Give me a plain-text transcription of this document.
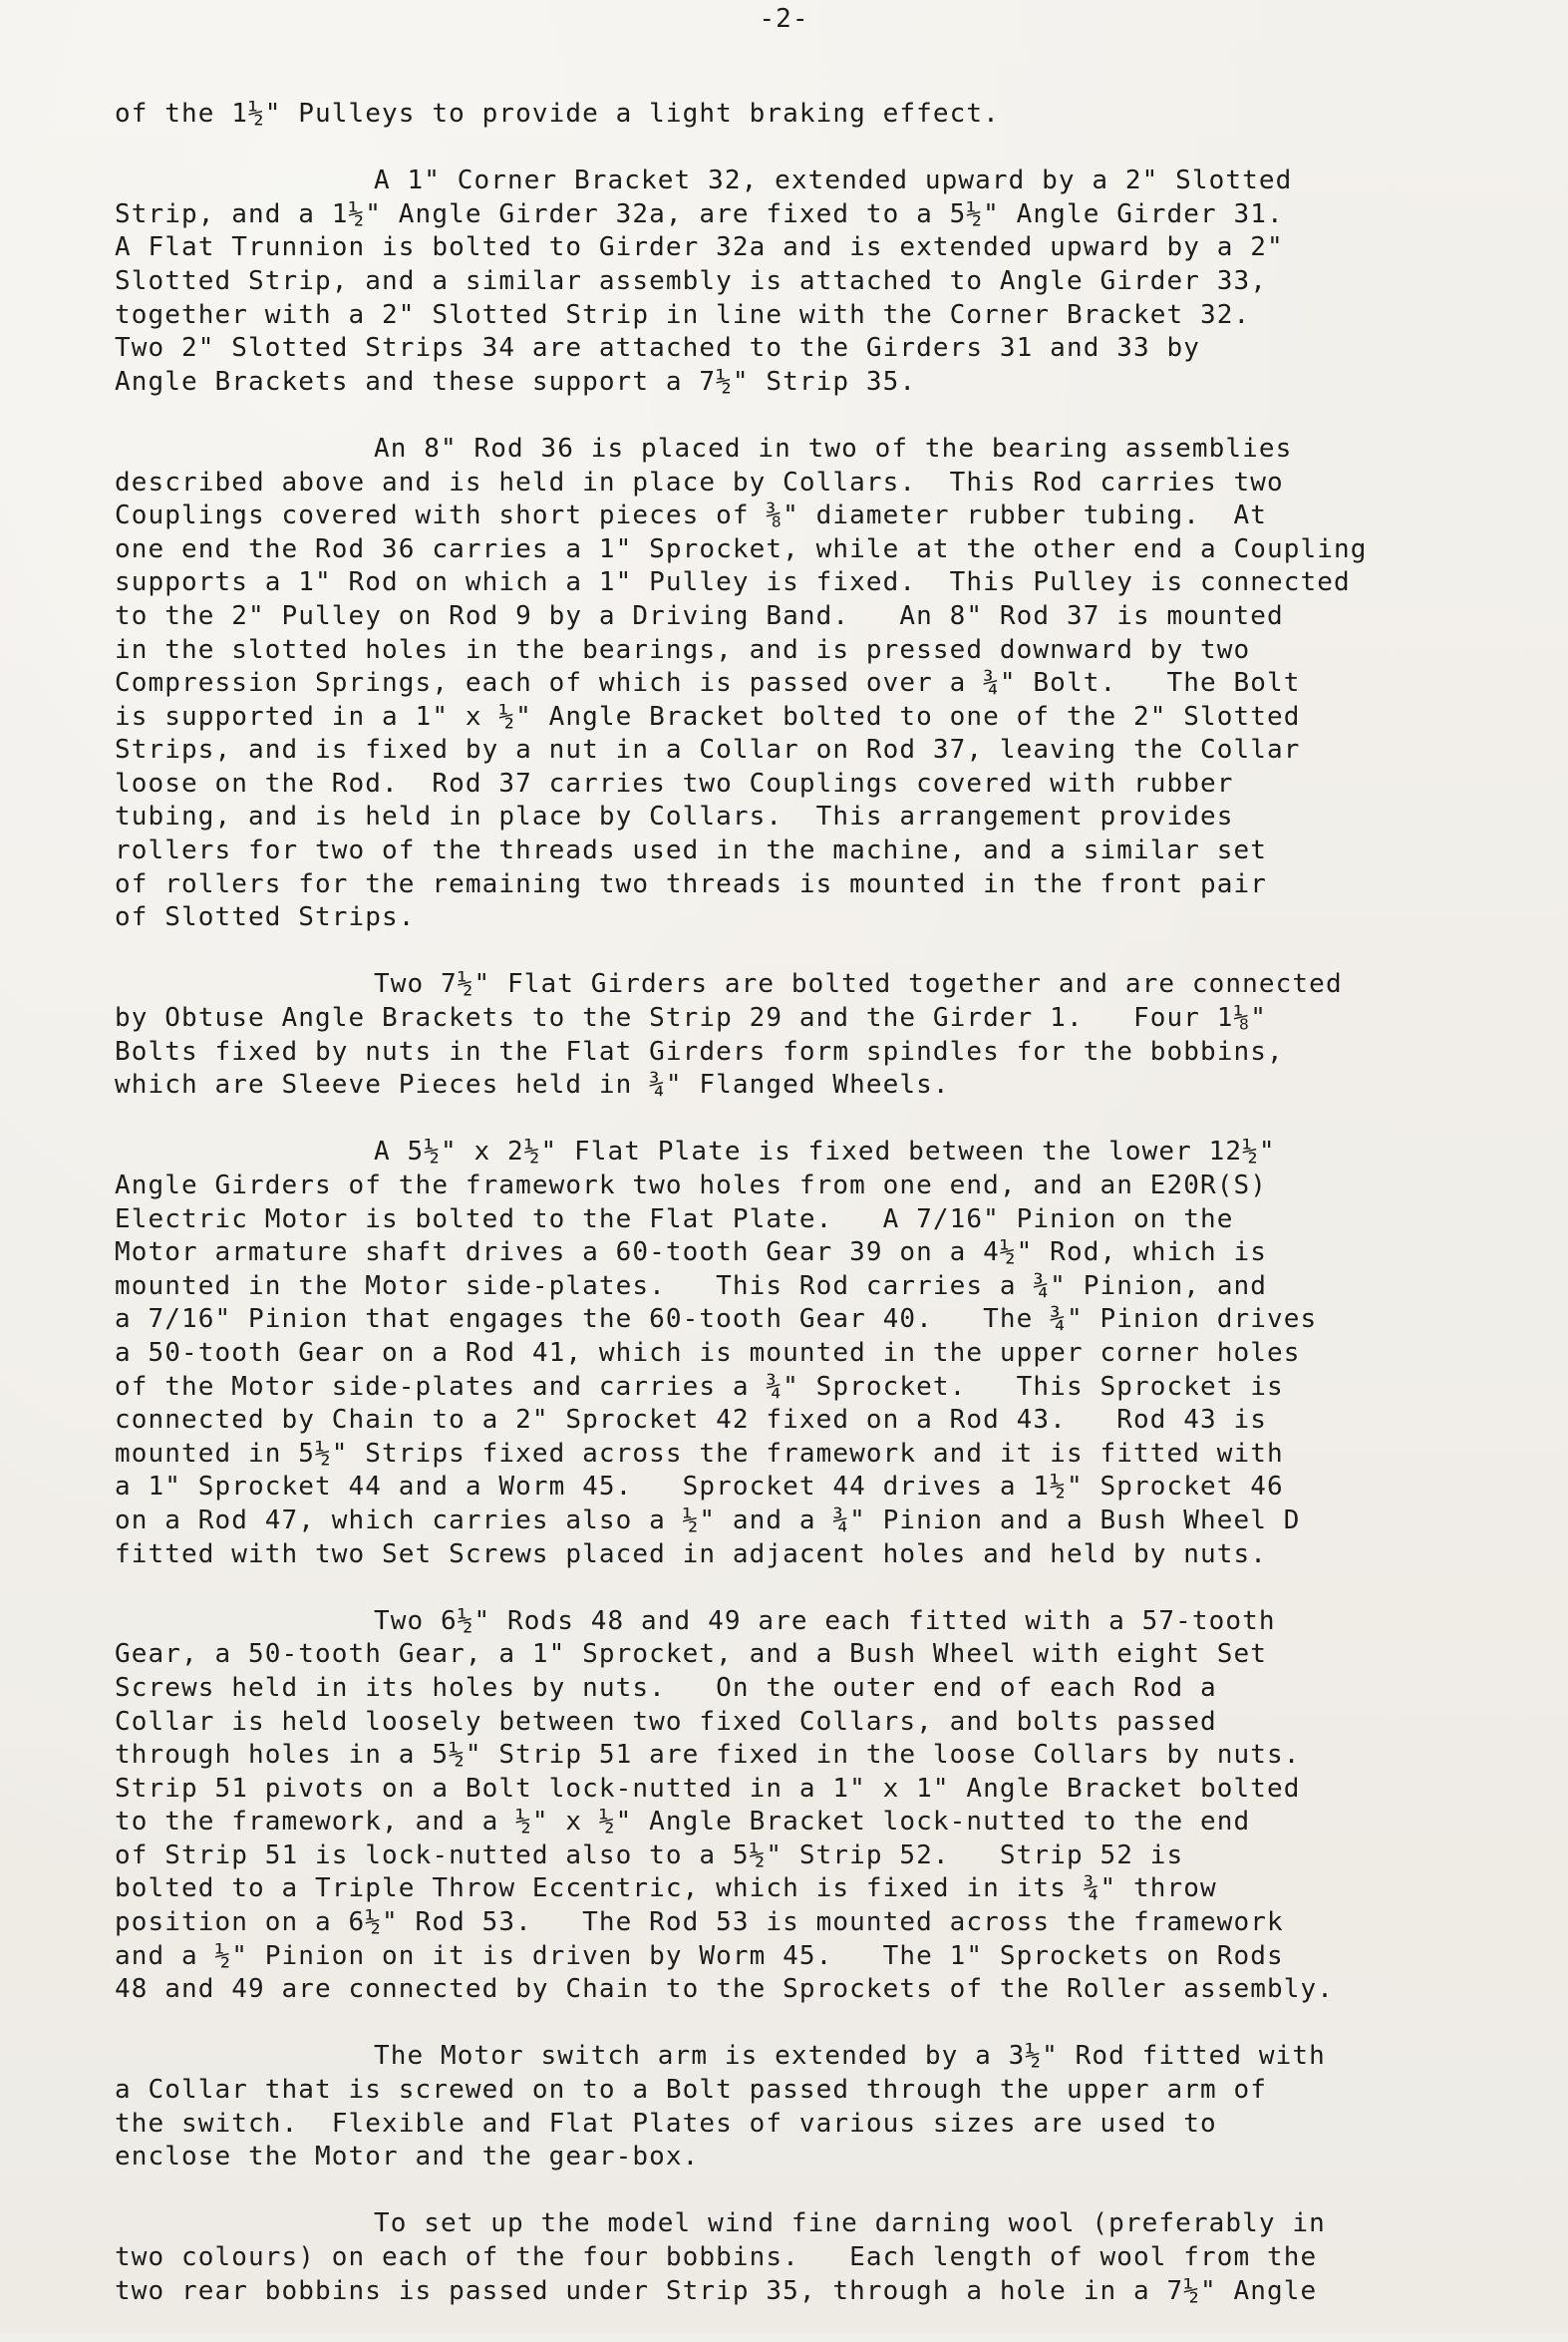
-2-
of the 1½" Pulleys to provide a light braking effect.
A 1" Corner Bracket 32, extended upward by a 2" Slotted
Strip, and a 1½" Angle Girder 32a, are fixed to a 5½" Angle Girder 31.
A Flat Trunnion is bolted to Girder 32a and is extended upward by a 2"
Slotted Strip, and a similar assembly is attached to Angle Girder 33,
together with a 2" Slotted Strip in line with the Corner Bracket 32.
Two 2" Slotted Strips 34 are attached to the Girders 31 and 33 by
Angle Brackets and these support a 7½" Strip 35.
An 8" Rod 36 is placed in two of the bearing assemblies
described above and is held in place by Collars.  This Rod carries two
Couplings covered with short pieces of ⅜" diameter rubber tubing.  At
one end the Rod 36 carries a 1" Sprocket, while at the other end a Coupling
supports a 1" Rod on which a 1" Pulley is fixed.  This Pulley is connected
to the 2" Pulley on Rod 9 by a Driving Band.   An 8" Rod 37 is mounted
in the slotted holes in the bearings, and is pressed downward by two
Compression Springs, each of which is passed over a ¾" Bolt.   The Bolt
is supported in a 1" x ½" Angle Bracket bolted to one of the 2" Slotted
Strips, and is fixed by a nut in a Collar on Rod 37, leaving the Collar
loose on the Rod.  Rod 37 carries two Couplings covered with rubber
tubing, and is held in place by Collars.  This arrangement provides
rollers for two of the threads used in the machine, and a similar set
of rollers for the remaining two threads is mounted in the front pair
of Slotted Strips.
Two 7½" Flat Girders are bolted together and are connected
by Obtuse Angle Brackets to the Strip 29 and the Girder 1.   Four 1⅛"
Bolts fixed by nuts in the Flat Girders form spindles for the bobbins,
which are Sleeve Pieces held in ¾" Flanged Wheels.
A 5½" x 2½" Flat Plate is fixed between the lower 12½"
Angle Girders of the framework two holes from one end, and an E20R(S)
Electric Motor is bolted to the Flat Plate.   A 7/16" Pinion on the
Motor armature shaft drives a 60-tooth Gear 39 on a 4½" Rod, which is
mounted in the Motor side-plates.   This Rod carries a ¾" Pinion, and
a 7/16" Pinion that engages the 60-tooth Gear 40.   The ¾" Pinion drives
a 50-tooth Gear on a Rod 41, which is mounted in the upper corner holes
of the Motor side-plates and carries a ¾" Sprocket.   This Sprocket is
connected by Chain to a 2" Sprocket 42 fixed on a Rod 43.   Rod 43 is
mounted in 5½" Strips fixed across the framework and it is fitted with
a 1" Sprocket 44 and a Worm 45.   Sprocket 44 drives a 1½" Sprocket 46
on a Rod 47, which carries also a ½" and a ¾" Pinion and a Bush Wheel D
fitted with two Set Screws placed in adjacent holes and held by nuts.
Two 6½" Rods 48 and 49 are each fitted with a 57-tooth
Gear, a 50-tooth Gear, a 1" Sprocket, and a Bush Wheel with eight Set
Screws held in its holes by nuts.   On the outer end of each Rod a
Collar is held loosely between two fixed Collars, and bolts passed
through holes in a 5½" Strip 51 are fixed in the loose Collars by nuts.
Strip 51 pivots on a Bolt lock-nutted in a 1" x 1" Angle Bracket bolted
to the framework, and a ½" x ½" Angle Bracket lock-nutted to the end
of Strip 51 is lock-nutted also to a 5½" Strip 52.   Strip 52 is
bolted to a Triple Throw Eccentric, which is fixed in its ¾" throw
position on a 6½" Rod 53.   The Rod 53 is mounted across the framework
and a ½" Pinion on it is driven by Worm 45.   The 1" Sprockets on Rods
48 and 49 are connected by Chain to the Sprockets of the Roller assembly.
The Motor switch arm is extended by a 3½" Rod fitted with
a Collar that is screwed on to a Bolt passed through the upper arm of
the switch.  Flexible and Flat Plates of various sizes are used to
enclose the Motor and the gear-box.
To set up the model wind fine darning wool (preferably in
two colours) on each of the four bobbins.   Each length of wool from the
two rear bobbins is passed under Strip 35, through a hole in a 7½" Angle
